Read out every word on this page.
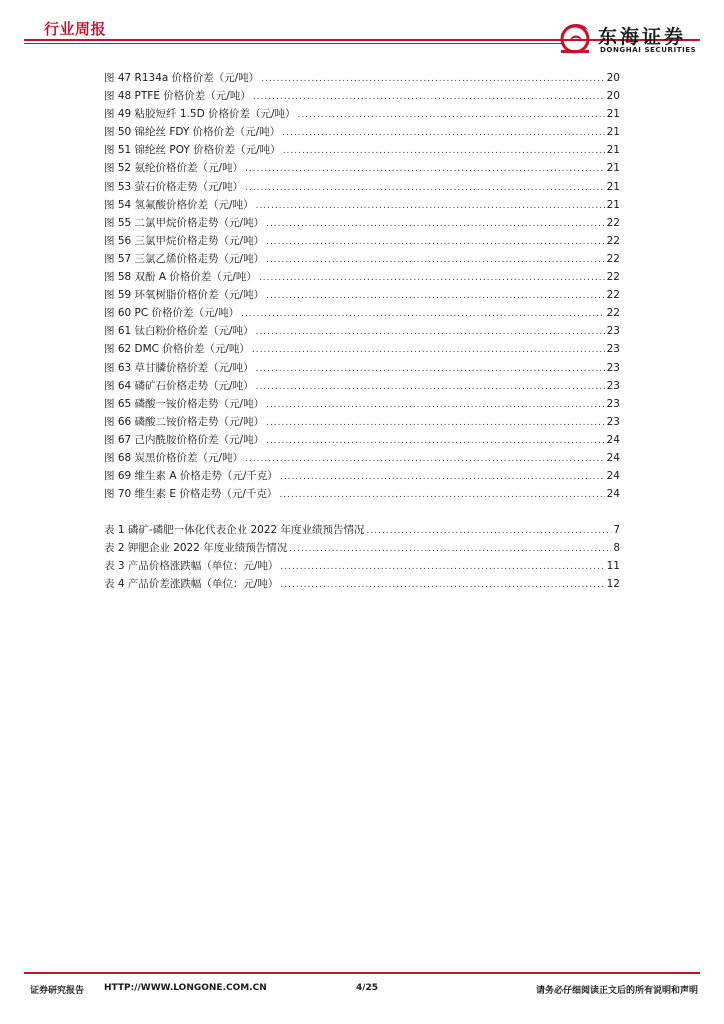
行业周报	东海证券
DONGHAI SECURITIES
图 47 R134a 价格价差（元/吨） .....	20
图 48 PTFE 价格价差（元/吨） .....	20
图 49 粘胶短纤 1.5D 价格价差（元/吨） .....	21
图 50 锦纶丝 FDY 价格价差（元/吨） .....	21
图 51 锦纶丝 POY 价格价差（元/吨） .....	21
图 52 氨纶价格价差（元/吨） .....	21
图 53 萤石价格走势（元/吨） .....	21
图 54 氢氟酸价格价差（元/吨） .....	21
图 55 二氯甲烷价格走势（元/吨） .....	22
图 56 三氯甲烷价格走势（元/吨） .....	22
图 57 三氯乙烯价格走势（元/吨） .....	22
图 58 双酚 A 价格价差（元/吨） .....	22
图 59 环氧树脂价格价差（元/吨） .....	22
图 60 PC 价格价差（元/吨） .....	22
图 61 钛白粉价格价差（元/吨） .....	23
图 62 DMC 价格价差（元/吨） .....	23
图 63 草甘膦价格价差（元/吨） .....	23
图 64 磷矿石价格走势（元/吨） .....	23
图 65 磷酸一铵价格走势（元/吨） .....	23
图 66 磷酸二铵价格走势（元/吨） .....	23
图 67 己内酰胺价格价差（元/吨） .....	24
图 68 炭黑价格价差（元/吨） .....	24
图 69 维生素 A 价格走势（元/千克） .....	24
图 70 维生素 E 价格走势（元/千克） .....	24
表 1 磷矿-磷肥一体化代表企业 2022 年度业绩预告情况 .....	7
表 2 钾肥企业 2022 年度业绩预告情况 .....	8
表 3 产品价格涨跌幅（单位：元/吨） .....	11
表 4 产品价差涨跌幅（单位：元/吨） .....	12
证券研究报告 HTTP://WWW.LONGONE.COM.CN	4/25	请务必仔细阅读正文后的所有说明和声明
